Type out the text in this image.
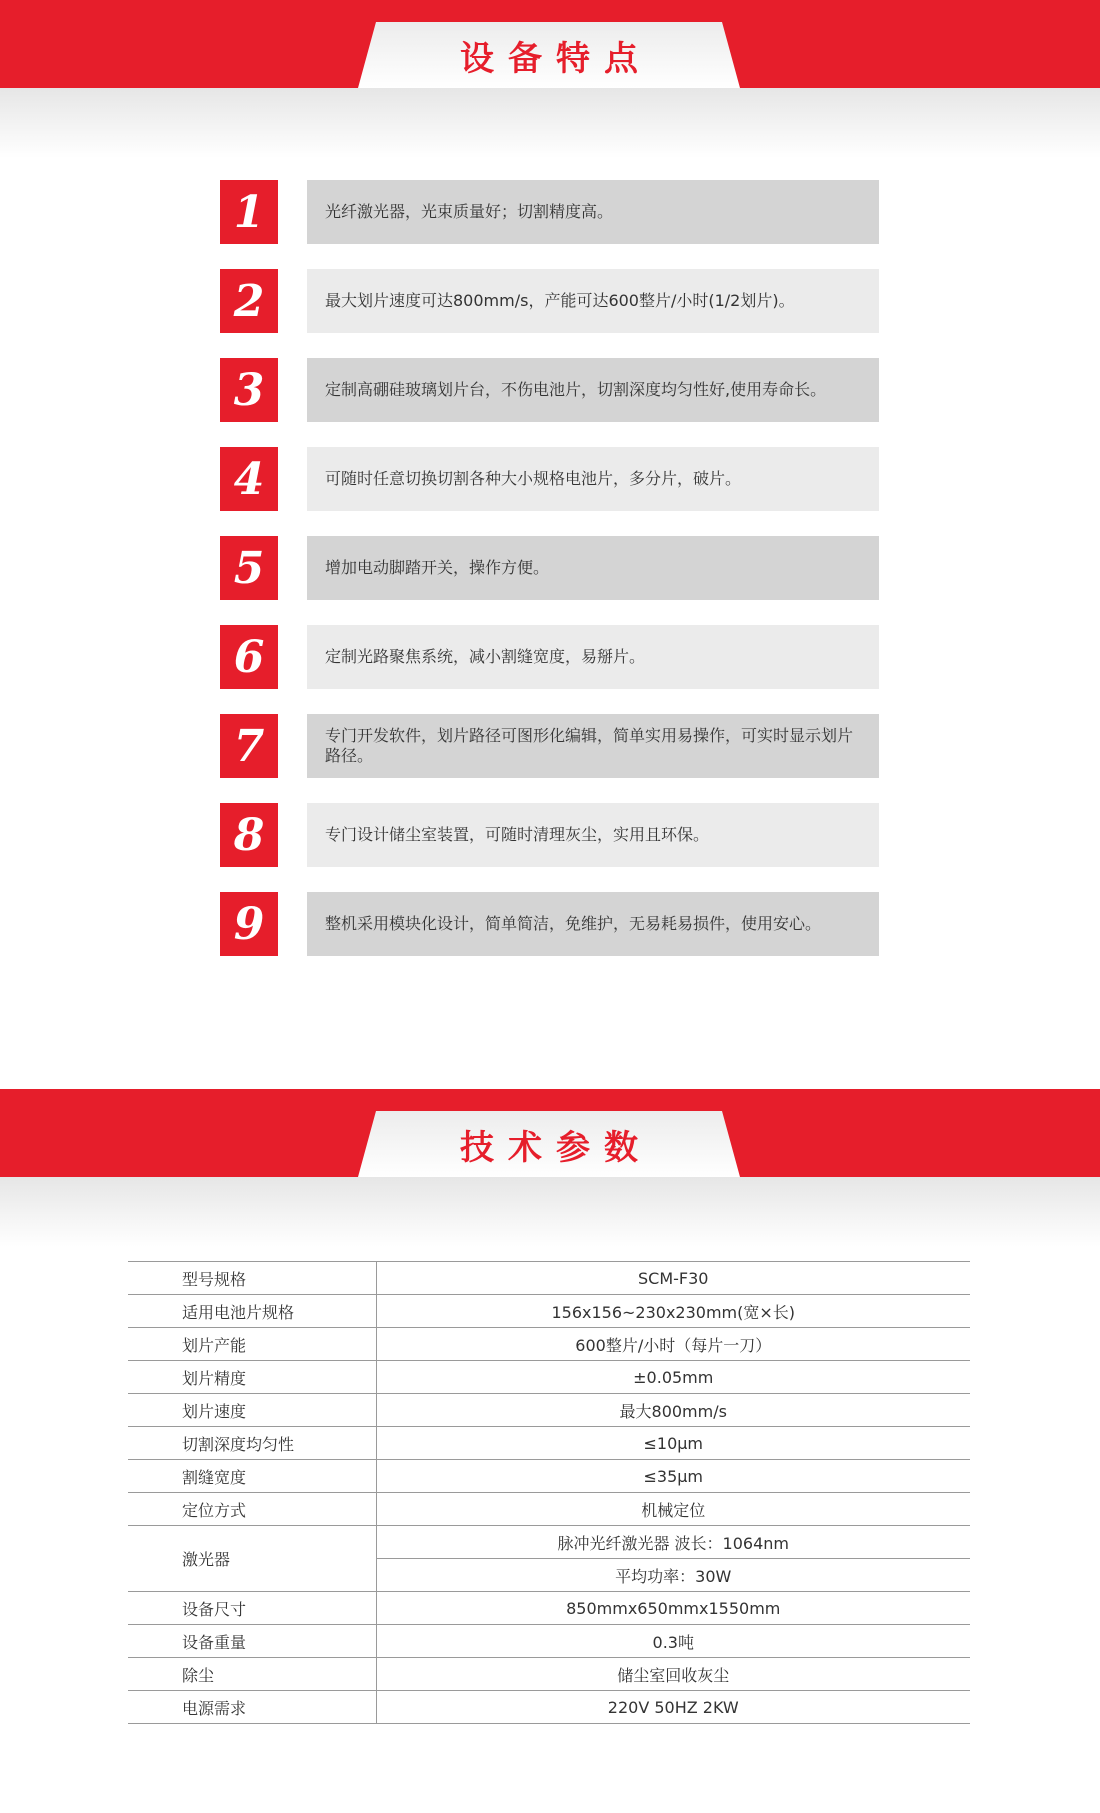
设备特点
1	光纤激光器，光束质量好；切割精度高。
2	最大划片速度可达800mm/s，产能可达600整片/小时(1/2划片)。
3	定制高硼硅玻璃划片台，不伤电池片，切割深度均匀性好,使用寿命长。
4	可随时任意切换切割各种大小规格电池片，多分片，破片。
5	增加电动脚踏开关，操作方便。
6	定制光路聚焦系统，减小割缝宽度，易掰片。
7	专门开发软件，划片路径可图形化编辑，简单实用易操作，可实时显示划片路径。
8	专门设计储尘室装置，可随时清理灰尘，实用且环保。
9	整机采用模块化设计，简单简洁，免维护，无易耗易损件，使用安心。
技术参数
型号规格	SCM-F30
适用电池片规格	156x156~230x230mm(宽×长)
划片产能	600整片/小时（每片一刀）
划片精度	±0.05mm
划片速度	最大800mm/s
切割深度均匀性	≤10μm
割缝宽度	≤35μm
定位方式	机械定位
激光器	脉冲光纤激光器 波长：1064nm
	平均功率：30W
设备尺寸	850mmx650mmx1550mm
设备重量	0.3吨
除尘	储尘室回收灰尘
电源需求	220V 50HZ 2KW
